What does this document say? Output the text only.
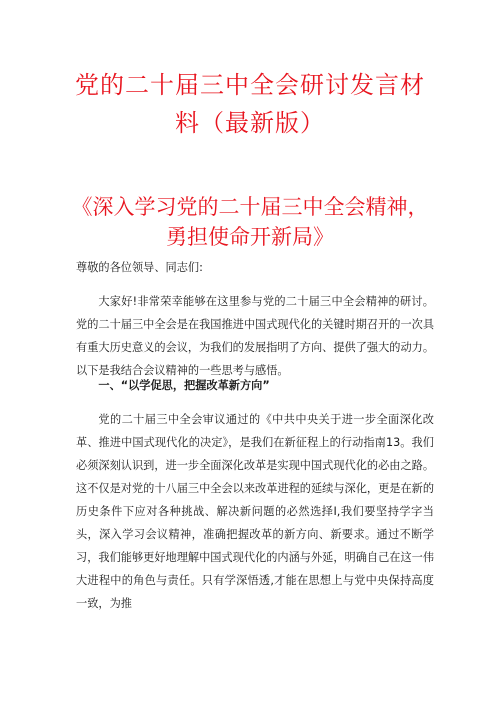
党的二十届三中全会研讨发言材
料（最新版）
《深入学习党的二十届三中全会精神，
勇担使命开新局》
尊敬的各位领导、同志们:
大家好!非常荣幸能够在这里参与党的二十届三中全会精神的研讨。党的二十届三中全会是在我国推进中国式现代化的关键时期召开的一次具有重大历史意义的会议，为我们的发展指明了方向、提供了强大的动力。以下是我结合会议精神的一些思考与感悟。
一、“以学促思，把握改革新方向”
党的二十届三中全会审议通过的《中共中央关于进一步全面深化改革、推进中国式现代化的决定》，是我们在新征程上的行动指南13。我们必须深刻认识到，进一步全面深化改革是实现中国式现代化的必由之路。这不仅是对党的十八届三中全会以来改革进程的延续与深化，更是在新的历史条件下应对各种挑战、解决新问题的必然选择I,我们要坚持学字当头，深入学习会议精神，准确把握改革的新方向、新要求。通过不断学习，我们能够更好地理解中国式现代化的内涵与外延，明确自己在这一伟大进程中的角色与责任。只有学深悟透,才能在思想上与党中央保持高度一致，为推
